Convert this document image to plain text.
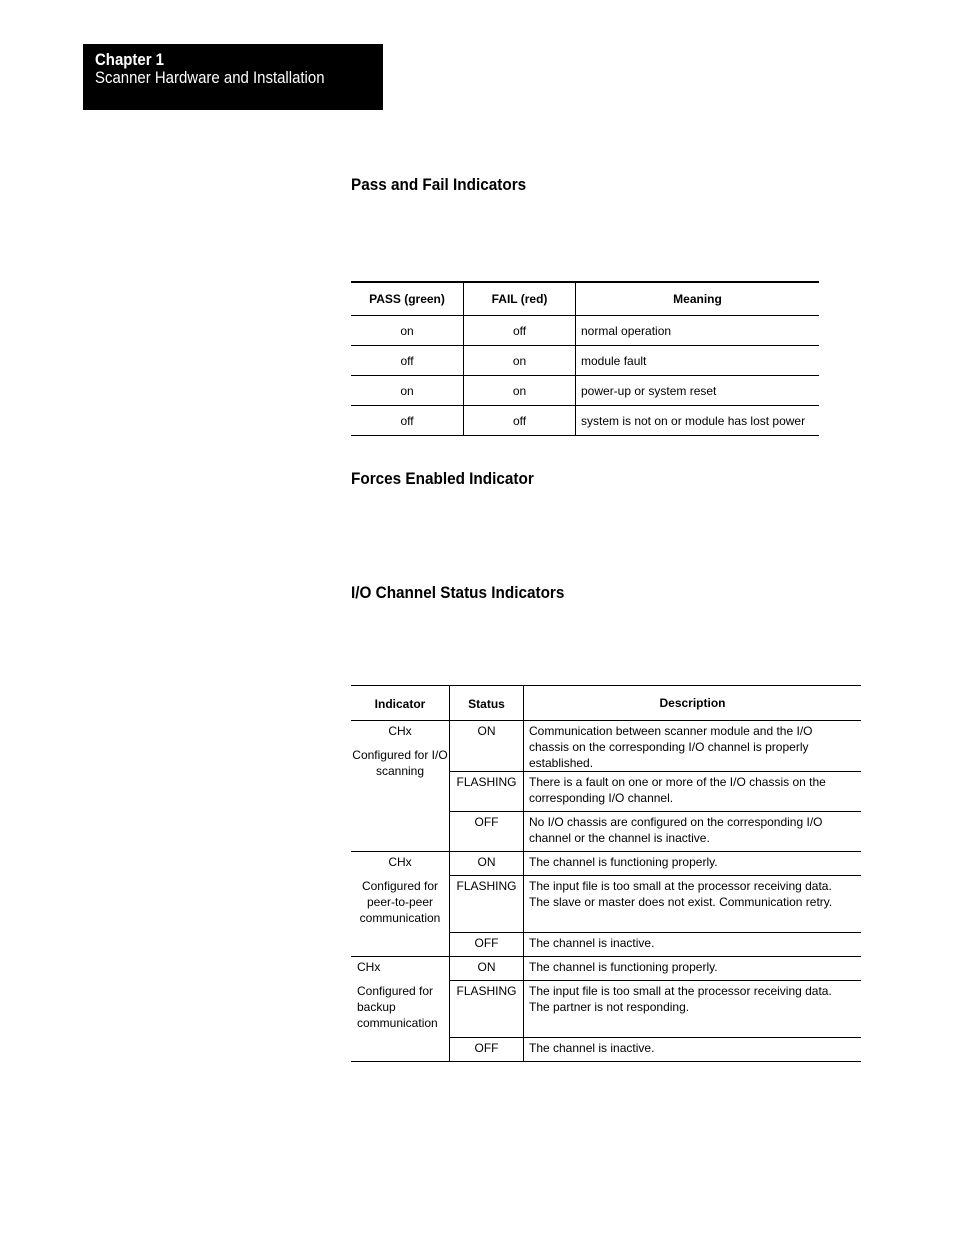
Chapter 1
Scanner Hardware and Installation
Pass and Fail Indicators
PASS (green)	FAIL (red)	Meaning
on	off	normal operation
off	on	module fault
on	on	power-up or system reset
off	off	system is not on or module has lost power
Forces Enabled Indicator
I/O Channel Status Indicators
Indicator	Status	Description

CHx
Configured for I/O scanning	ON	Communication between scanner module and the I/O chassis on the corresponding I/O channel is properly established.
	FLASHING	There is a fault on one or more of the I/O chassis on the corresponding I/O channel.
	OFF	No I/O chassis are configured on the corresponding I/O channel or the channel is inactive.

CHx
Configured for peer-to-peer communication	ON	The channel is functioning properly.
	FLASHING	The input file is too small at the processor receiving data. The slave or master does not exist. Communication retry.
	OFF	The channel is inactive.

CHx
Configured for backup communication	ON	The channel is functioning properly.
	FLASHING	The input file is too small at the processor receiving data. The partner is not responding.
	OFF	The channel is inactive.
